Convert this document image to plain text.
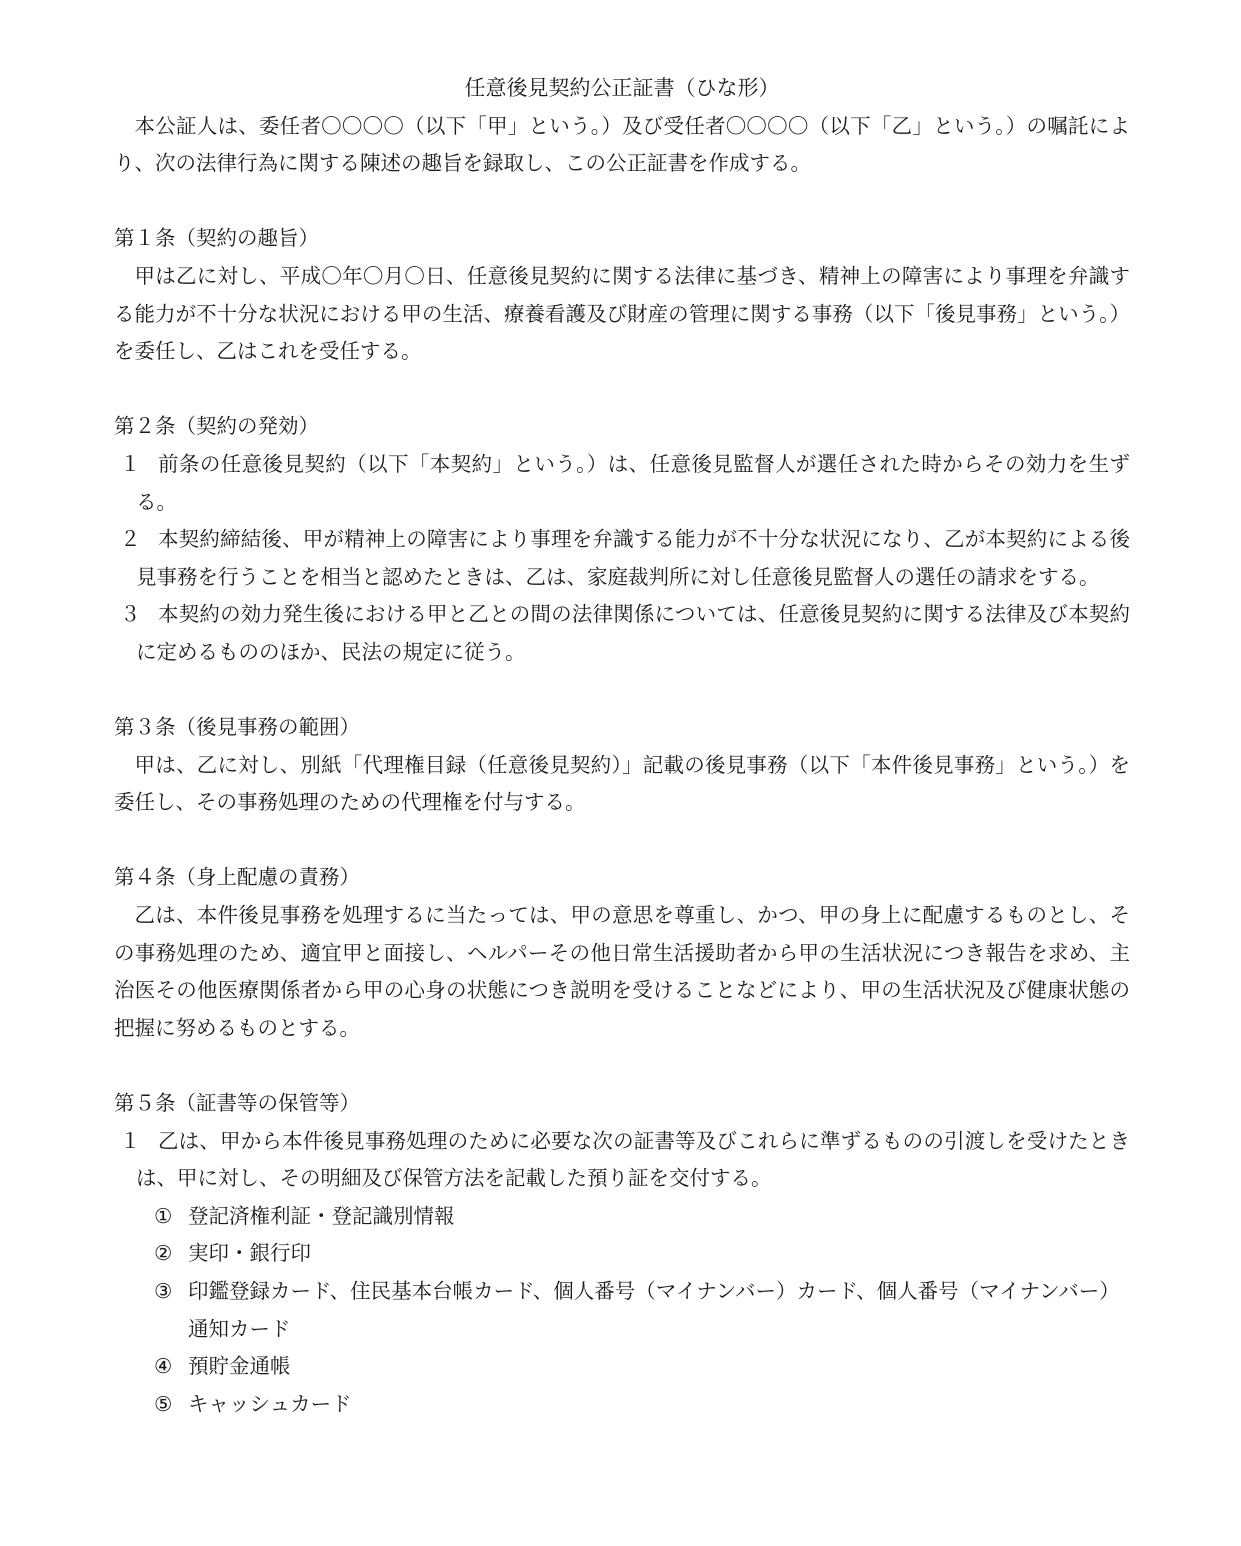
任意後見契約公正証書（ひな形）

本公証人は、委任者〇〇〇〇（以下「甲」という。）及び受任者〇〇〇〇（以下「乙」という。）の嘱託により、次の法律行為に関する陳述の趣旨を録取し、この公正証書を作成する。

第１条（契約の趣旨）

甲は乙に対し、平成〇年〇月〇日、任意後見契約に関する法律に基づき、精神上の障害により事理を弁識する能力が不十分な状況における甲の生活、療養看護及び財産の管理に関する事務（以下「後見事務」という。）を委任し、乙はこれを受任する。

第２条（契約の発効）
１ 前条の任意後見契約（以下「本契約」という。）は、任意後見監督人が選任された時からその効力を生ずる。
２ 本契約締結後、甲が精神上の障害により事理を弁識する能力が不十分な状況になり、乙が本契約による後見事務を行うことを相当と認めたときは、乙は、家庭裁判所に対し任意後見監督人の選任の請求をする。
３ 本契約の効力発生後における甲と乙との間の法律関係については、任意後見契約に関する法律及び本契約に定めるもののほか、民法の規定に従う。
第３条（後見事務の範囲）

甲は、乙に対し、別紙「代理権目録（任意後見契約）」記載の後見事務（以下「本件後見事務」という。）を委任し、その事務処理のための代理権を付与する。

第４条（身上配慮の責務）

乙は、本件後見事務を処理するに当たっては、甲の意思を尊重し、かつ、甲の身上に配慮するものとし、その事務処理のため、適宜甲と面接し、ヘルパーその他日常生活援助者から甲の生活状況につき報告を求め、主治医その他医療関係者から甲の心身の状態につき説明を受けることなどにより、甲の生活状況及び健康状態の把握に努めるものとする。

第５条（証書等の保管等）
１ 乙は、甲から本件後見事務処理のために必要な次の証書等及びこれらに準ずるものの引渡しを受けたときは、甲に対し、その明細及び保管方法を記載した預り証を交付する。
① 登記済権利証・登記識別情報
② 実印・銀行印
③ 印鑑登録カード、住民基本台帳カード、個人番号（マイナンバー）カード、個人番号（マイナンバー）通知カード
④ 預貯金通帳
⑤ キャッシュカード
